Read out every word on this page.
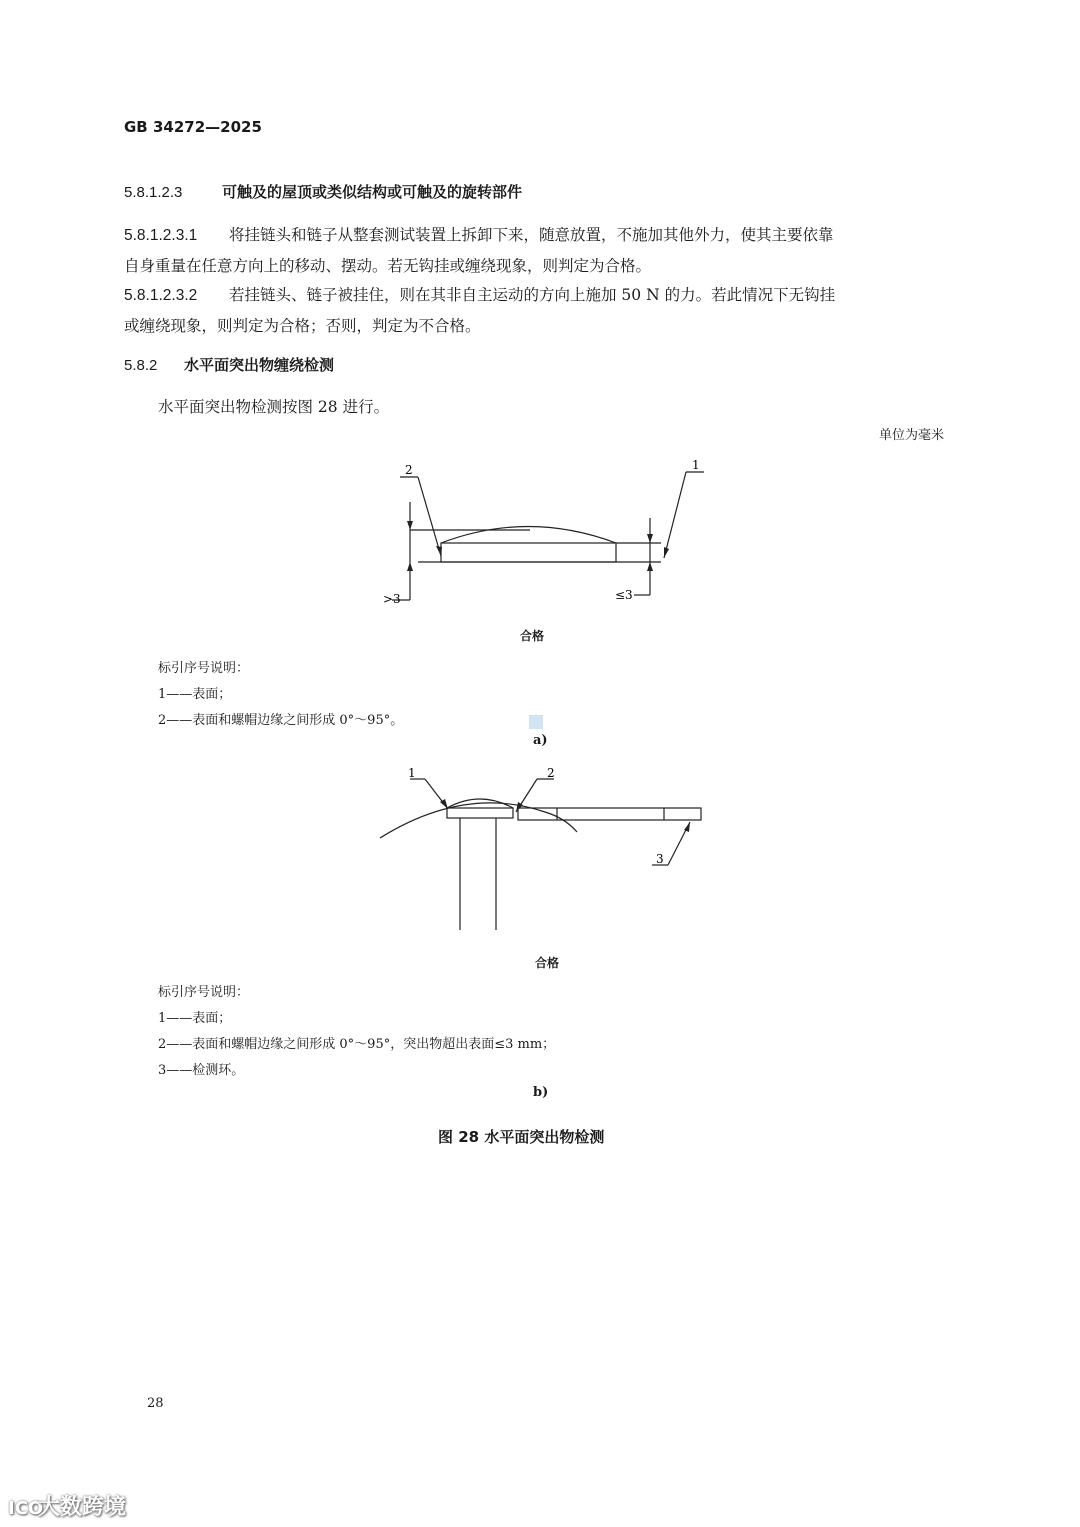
GB 34272—2025
5.8.1.2.3	可触及的屋顶或类似结构或可触及的旋转部件
5.8.1.2.3.1 将挂链头和链子从整套测试装置上拆卸下来，随意放置，不施加其他外力，使其主要依靠
自身重量在任意方向上的移动、摆动。若无钩挂或缠绕现象，则判定为合格。
5.8.1.2.3.2 若挂链头、链子被挂住，则在其非自主运动的方向上施加 50 N 的力。若此情况下无钩挂
或缠绕现象，则判定为合格；否则，判定为不合格。
5.8.2 水平面突出物缠绕检测
水平面突出物检测按图 28 进行。
单位为毫米
2	1
>3	≤3
合格
标引序号说明：
1——表面；
2——表面和螺帽边缘之间形成 0°～95°。
a)
1	2
3
合格
标引序号说明：
1——表面；
2——表面和螺帽边缘之间形成 0°～95°，突出物超出表面≤3 mm；
3——检测环。
b)
图 28 水平面突出物检测
28
ICO大数跨境
